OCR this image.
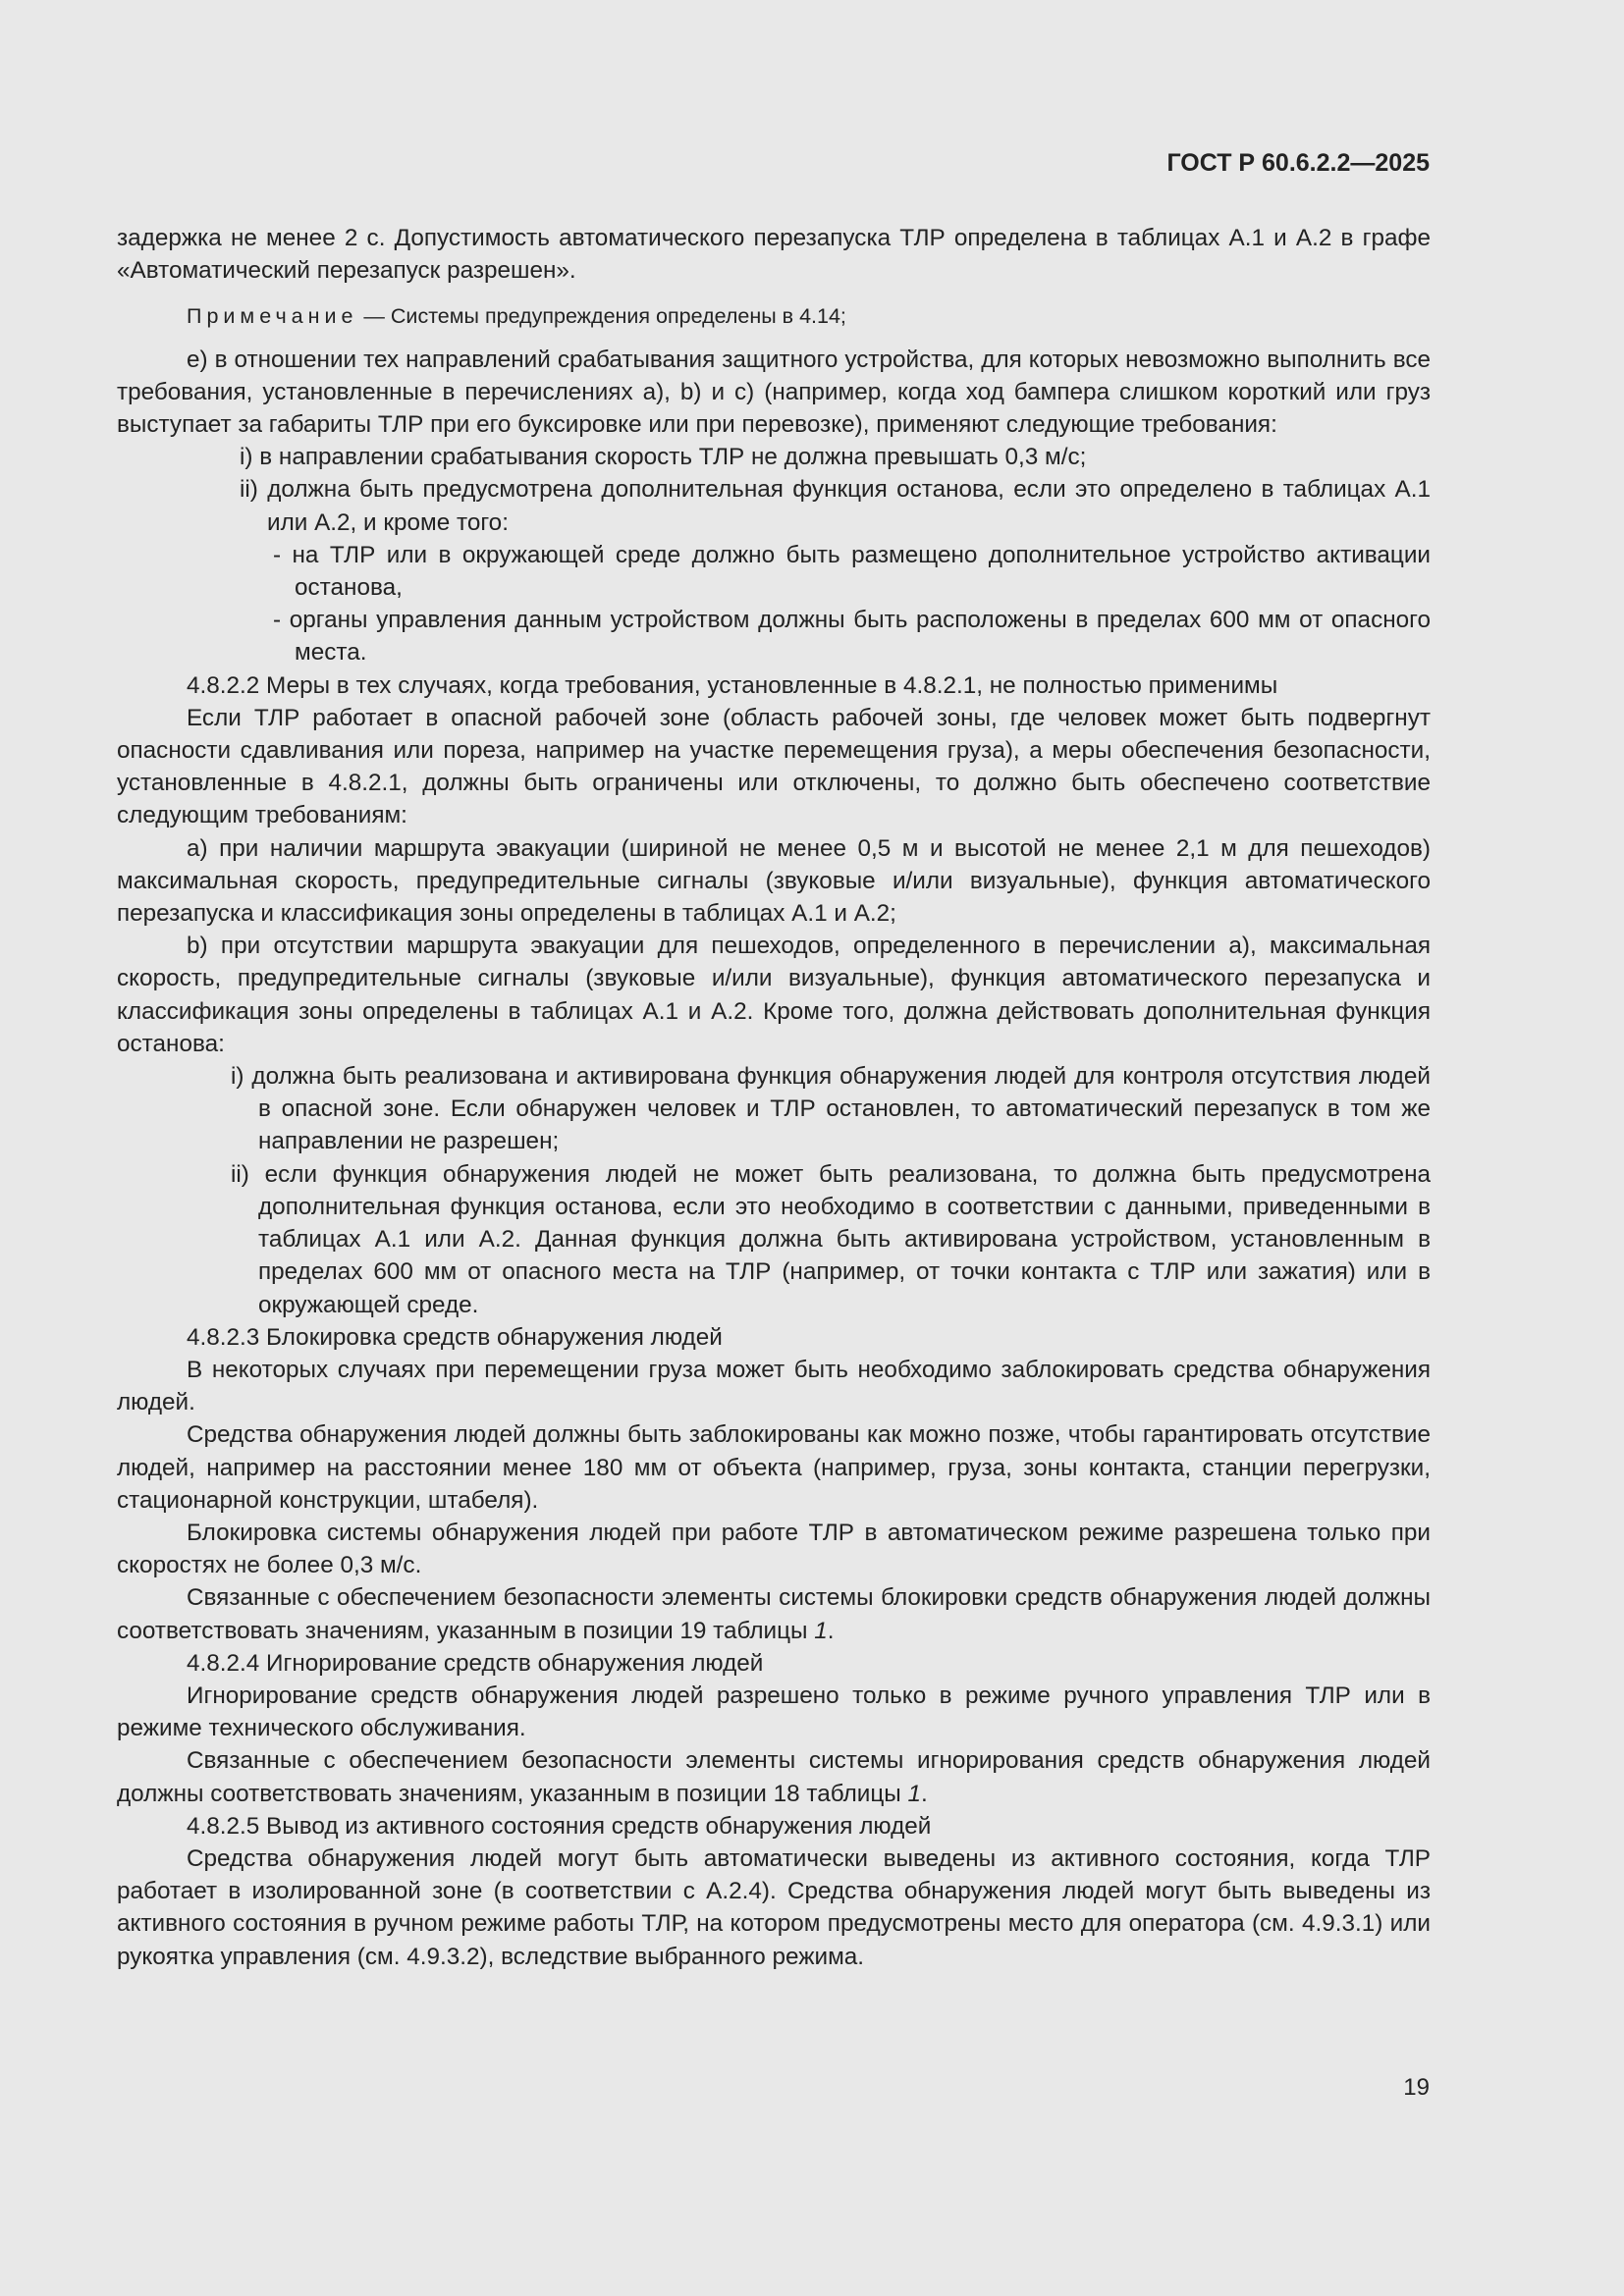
ГОСТ Р 60.6.2.2—2025

задержка не менее 2 с. Допустимость автоматического перезапуска ТЛР определена в таблицах А.1 и А.2 в графе «Автоматический перезапуск разрешен».

Примечание — Системы предупреждения определены в 4.14;

е) в отношении тех направлений срабатывания защитного устройства, для которых невозможно выполнить все требования, установленные в перечислениях а), b) и с) (например, когда ход бампера слишком короткий или груз выступает за габариты ТЛР при его буксировке или при перевозке), применяют следующие требования:

i) в направлении срабатывания скорость ТЛР не должна превышать 0,3 м/с;

ii) должна быть предусмотрена дополнительная функция останова, если это определено в таблицах А.1 или А.2, и кроме того:

- на ТЛР или в окружающей среде должно быть размещено дополнительное устройство активации останова,

- органы управления данным устройством должны быть расположены в пределах 600 мм от опасного места.

4.8.2.2 Меры в тех случаях, когда требования, установленные в 4.8.2.1, не полностью применимы

Если ТЛР работает в опасной рабочей зоне (область рабочей зоны, где человек может быть подвергнут опасности сдавливания или пореза, например на участке перемещения груза), а меры обеспечения безопасности, установленные в 4.8.2.1, должны быть ограничены или отключены, то должно быть обеспечено соответствие следующим требованиям:

а) при наличии маршрута эвакуации (шириной не менее 0,5 м и высотой не менее 2,1 м для пешеходов) максимальная скорость, предупредительные сигналы (звуковые и/или визуальные), функция автоматического перезапуска и классификация зоны определены в таблицах А.1 и А.2;

b) при отсутствии маршрута эвакуации для пешеходов, определенного в перечислении а), максимальная скорость, предупредительные сигналы (звуковые и/или визуальные), функция автоматического перезапуска и классификация зоны определены в таблицах А.1 и А.2. Кроме того, должна действовать дополнительная функция останова:

i) должна быть реализована и активирована функция обнаружения людей для контроля отсутствия людей в опасной зоне. Если обнаружен человек и ТЛР остановлен, то автоматический перезапуск в том же направлении не разрешен;

ii) если функция обнаружения людей не может быть реализована, то должна быть предусмотрена дополнительная функция останова, если это необходимо в соответствии с данными, приведенными в таблицах А.1 или А.2. Данная функция должна быть активирована устройством, установленным в пределах 600 мм от опасного места на ТЛР (например, от точки контакта с ТЛР или зажатия) или в окружающей среде.

4.8.2.3 Блокировка средств обнаружения людей

В некоторых случаях при перемещении груза может быть необходимо заблокировать средства обнаружения людей.

Средства обнаружения людей должны быть заблокированы как можно позже, чтобы гарантировать отсутствие людей, например на расстоянии менее 180 мм от объекта (например, груза, зоны контакта, станции перегрузки, стационарной конструкции, штабеля).

Блокировка системы обнаружения людей при работе ТЛР в автоматическом режиме разрешена только при скоростях не более 0,3 м/с.

Связанные с обеспечением безопасности элементы системы блокировки средств обнаружения людей должны соответствовать значениям, указанным в позиции 19 таблицы 1.

4.8.2.4 Игнорирование средств обнаружения людей

Игнорирование средств обнаружения людей разрешено только в режиме ручного управления ТЛР или в режиме технического обслуживания.

Связанные с обеспечением безопасности элементы системы игнорирования средств обнаружения людей должны соответствовать значениям, указанным в позиции 18 таблицы 1.

4.8.2.5 Вывод из активного состояния средств обнаружения людей

Средства обнаружения людей могут быть автоматически выведены из активного состояния, когда ТЛР работает в изолированной зоне (в соответствии с А.2.4). Средства обнаружения людей могут быть выведены из активного состояния в ручном режиме работы ТЛР, на котором предусмотрены место для оператора (см. 4.9.3.1) или рукоятка управления (см. 4.9.3.2), вследствие выбранного режима.

19
